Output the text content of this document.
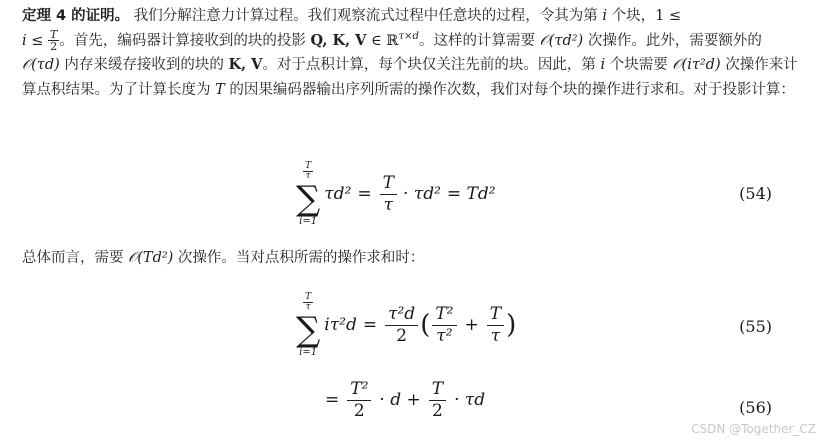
定理 4 的证明。 我们分解注意力计算过程。我们观察流式过程中任意块的过程，令其为第 i 个块，1 ≤
$i \le \frac{T}{2}$ 。首先，编码器计算接收到的块的投影 Q, K, V ∈ ℝ$^{\tau\times d}$。这样的计算需要 𝒪(τd²) 次操作。此外，需要额外的 𝒪(τd) 内存来缓存接收到的块的 K, V。对于点积计算，每个块仅关注先前的块。因此，第 i 个块需要 𝒪(iτ²d) 次操作来计算点积结果。为了计算长度为 T 的因果编码器输出序列所需的操作次数，我们对每个块的操作进行求和。对于投影计算：

$\frac{T}{\tau}$
∑
i=1
$\tau d^2 = \frac{T}{\tau} \cdot \tau d^2 = Td^2$	(54)

总体而言，需要 𝒪(Td²) 次操作。当对点积所需的操作求和时：

$\frac{T}{\tau}$
∑
i=1
$i\tau^2d = \frac{\text{τ²d}}{2}$ ( T²
τ²
+ $\frac{T}{\tau}$ )	(55)
= $\frac{\text{T²}}{2} \cdot d + \frac{T}{2} \cdot \tau d$	(56)
CSDN @Together_CZ
